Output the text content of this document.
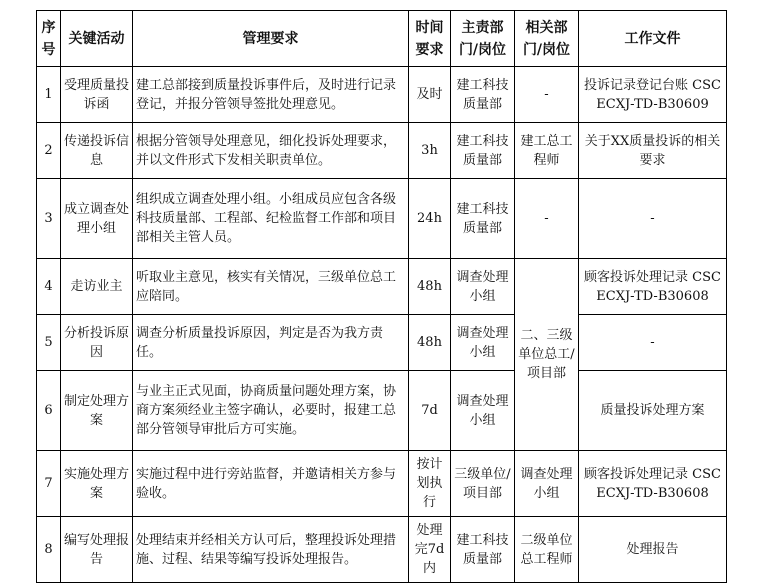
序号	关键活动	管理要求	时间要求	主责部门/岗位	相关部门/岗位	工作文件
1	受理质量投诉函	建工总部接到质量投诉事件后，及时进行记录登记，并报分管领导签批处理意见。	及时	建工科技质量部	-	投诉记录登记台账 CSCECXJ-TD-B30609
2	传递投诉信息	根据分管领导处理意见，细化投诉处理要求，并以文件形式下发相关职责单位。	3h	建工科技质量部	建工总工程师	关于XX质量投诉的相关要求
3	成立调查处理小组	组织成立调查处理小组。小组成员应包含各级科技质量部、工程部、纪检监督工作部和项目部相关主管人员。	24h	建工科技质量部	-	-
4	走访业主	听取业主意见，核实有关情况，三级单位总工应陪同。	48h	调查处理小组	二、三级单位总工/项目部	顾客投诉处理记录 CSCECXJ-TD-B30608
5	分析投诉原因	调查分析质量投诉原因，判定是否为我方责任。	48h	调查处理小组		-
6	制定处理方案	与业主正式见面，协商质量问题处理方案，协商方案须经业主签字确认，必要时，报建工总部分管领导审批后方可实施。	7d	调查处理小组		质量投诉处理方案
7	实施处理方案	实施过程中进行旁站监督，并邀请相关方参与验收。	按计划执行	三级单位/项目部	调查处理小组	顾客投诉处理记录 CSCECXJ-TD-B30608
8	编写处理报告	处理结束并经相关方认可后，整理投诉处理措施、过程、结果等编写投诉处理报告。	处理完7d内	建工科技质量部	二级单位总工程师	处理报告
